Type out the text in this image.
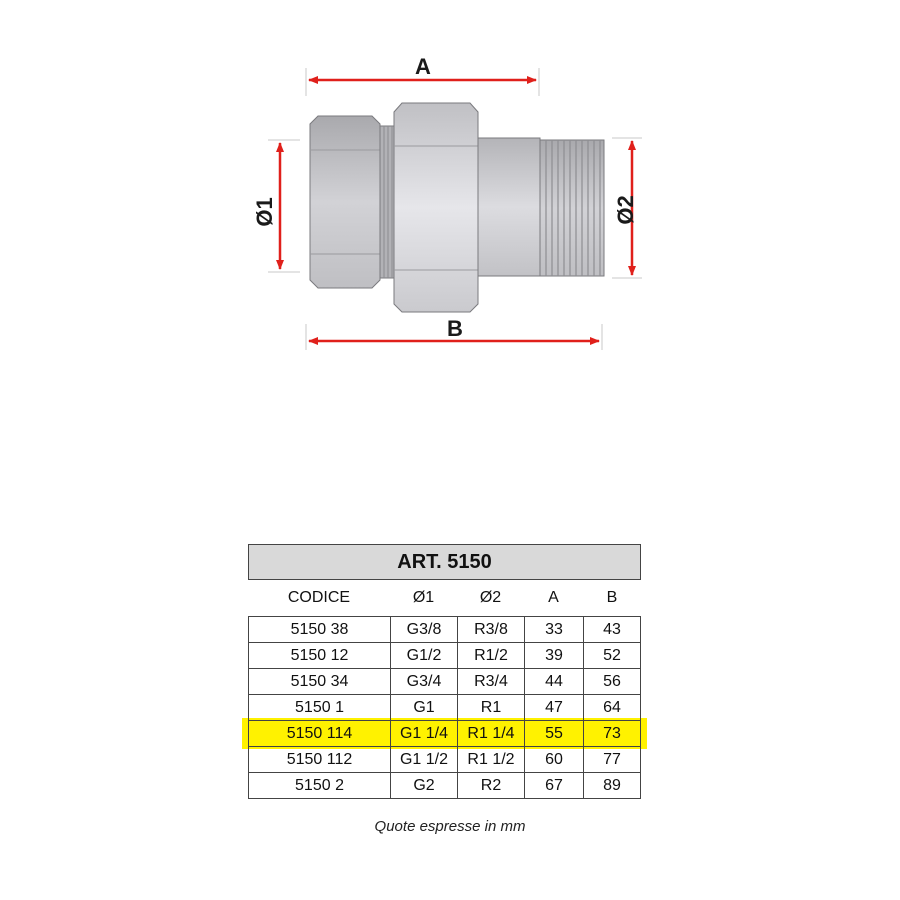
A
B
Ø1	Ø2
ART. 5150
CODICE	Ø1	Ø2	A	B
5150 38	G3/8	R3/8	33	43
5150 12	G1/2	R1/2	39	52
5150 34	G3/4	R3/4	44	56
5150 1	G1	R1	47	64
5150 114	G1 1/4	R1 1/4	55	73
5150 112	G1 1/2	R1 1/2	60	77
5150 2	G2	R2	67	89
Quote espresse in mm
